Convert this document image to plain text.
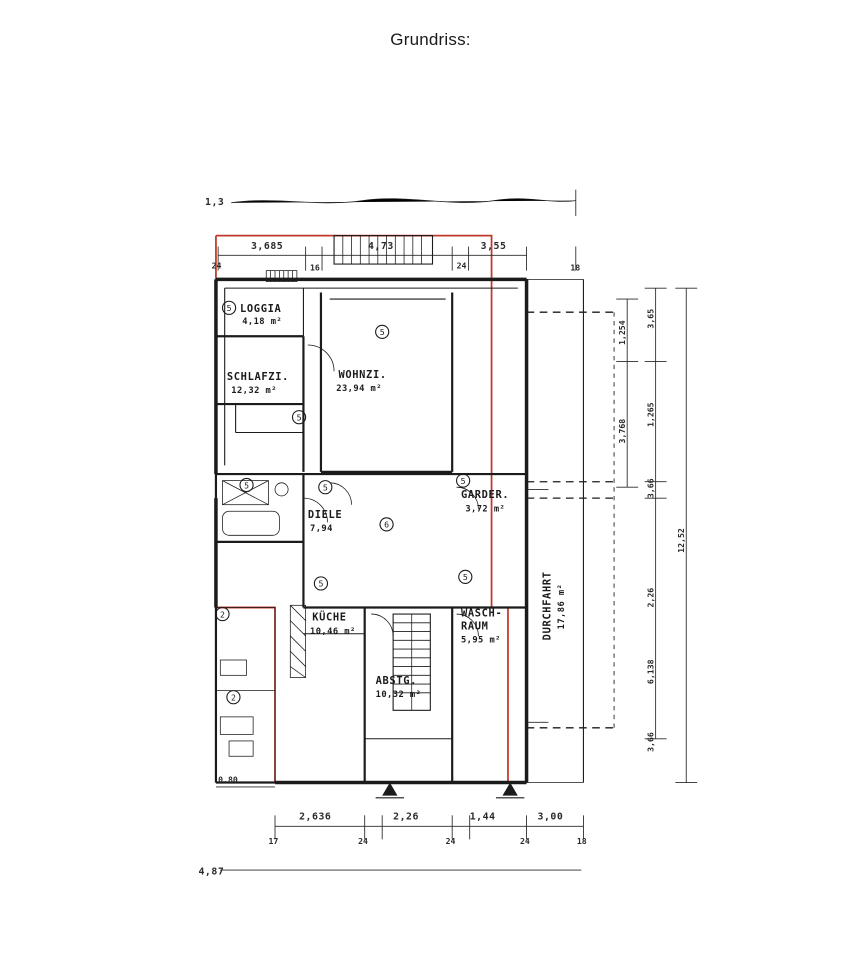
Grundriss:
1,3
3,685	4,73	3,55
24	16	24	18
DURCHFAHRT 17,86 m²
LOGGIA
4,18 m²
SCHLAFZI.
12,32 m²
WOHNZI.
23,94 m²
DIELE
7,94
GARDER.
3,72 m²
KÜCHE
10,46 m²
WASCH-
RAUM
5,95 m²
ABSTG.
10,32 m²
5
5
5
5	5
5
6
5
5
2
2
2,636	2,26	1,44	3,00
17	24	24	24	18
4,87
0,80
1,254
3,768
3,65
1,265
3,66
2,26
6,138
3,66
12,52
